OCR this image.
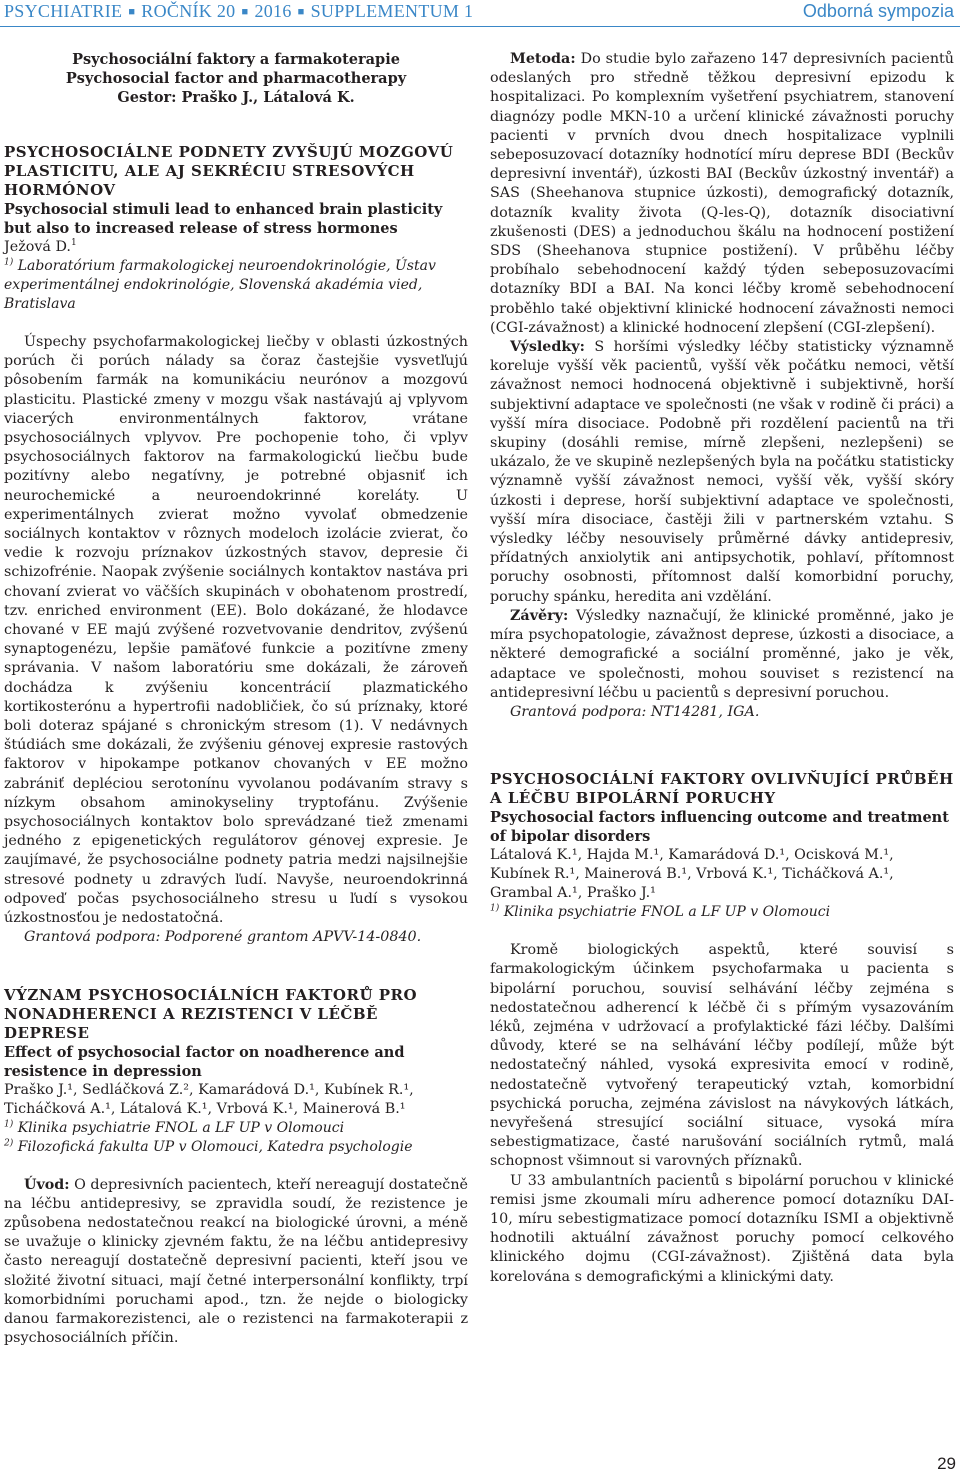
PSYCHIATRIE ■ ROČNÍK 20 ■ 2016 ■ SUPPLEMENTUM 1	Odborná sympozia

Psychosociální faktory a farmakoterapie

Psychosocial factor and pharmacotherapy

Gestor: Praško J., Látalová K.

PSYCHOSOCIÁLNE PODNETY ZVYŠUJÚ MOZGOVÚ PLASTICITU, ALE AJ SEKRÉCIU STRESOVÝCH HORMÓNOV

Psychosocial stimuli lead to enhanced brain plasticity but also to increased release of stress hormones

Ježová D.$^1$

$^{1)}$ Laboratórium farmakologickej neuroendokrinológie, Ústav experimentálnej endokrinológie, Slovenská akadémia vied, Bratislava

Úspechy psychofarmakologickej liečby v oblasti úzkostných porúch či porúch nálady sa čoraz častejšie vysvetľujú pôsobením farmák na komunikáciu neurónov a mozgovú plasticitu. Plastické zmeny v mozgu však nastávajú aj vplyvom viacerých environmentálnych faktorov, vrátane psychosociálnych vplyvov. Pre pochopenie toho, či vplyv psychosociálnych faktorov na farmakologickú liečbu bude pozitívny alebo negatívny, je potrebné objasniť ich neurochemické a neuroendokrinné koreláty. U experimentálnych zvierat možno vyvolať obmedzenie sociálnych kontaktov v rôznych modeloch izolácie zvierat, čo vedie k rozvoju príznakov úzkostných stavov, depresie či schizofrénie. Naopak zvýšenie sociálnych kontaktov nastáva pri chovaní zvierat vo väčších skupinách v obohatenom prostredí, tzv. enriched environment (EE). Bolo dokázané, že hlodavce chované v EE majú zvýšené rozvetvovanie dendritov, zvýšenú synaptogenézu, lepšie pamäťové funkcie a pozitívne zmeny správania. V našom laboratóriu sme dokázali, že zároveň dochádza k zvýšeniu koncentrácií plazmatického kortikosterónu a hypertrofii nadobličiek, čo sú príznaky, ktoré boli doteraz spájané s chronickým stresom (1). V nedávnych štúdiách sme dokázali, že zvýšeniu génovej expresie rastových faktorov v hipokampe potkanov chovaných v EE možno zabrániť depléciou serotonínu vyvolanou podávaním stravy s nízkym obsahom aminokyseliny tryptofánu. Zvýšenie psychosociálnych kontaktov bolo sprevádzané tiež zmenami jedného z epigenetických regulátorov génovej expresie. Je zaujímavé, že psychosociálne podnety patria medzi najsilnejšie stresové podnety u zdravých ľudí. Navyše, neuroendokrinná odpoveď počas psychosociálneho stresu u ľudí s vysokou úzkostnosťou je nedostatočná.

Grantová podpora: Podporené grantom APVV-14-0840.

VÝZNAM PSYCHOSOCIÁLNÍCH FAKTORŮ PRO NONADHERENCI A REZISTENCI V LÉČBĚ DEPRESE

Effect of psychosocial factor on noadherence and resistence in depression

Praško J.¹, Sedláčková Z.², Kamarádová D.¹, Kubínek R.¹, Ticháčková A.¹, Látalová K.¹, Vrbová K.¹, Mainerová B.¹

$^{1)}$ Klinika psychiatrie FNOL a LF UP v Olomouci

$^{2)}$ Filozofická fakulta UP v Olomouci, Katedra psychologie

Úvod: O depresivních pacientech, kteří nereagují dostatečně na léčbu antidepresivy, se zpravidla soudí, že rezistence je způsobena nedostatečnou reakcí na biologické úrovni, a méně se uvažuje o klinicky zjevném faktu, že na léčbu antidepresivy často nereagují dostatečně depresivní pacienti, kteří jsou ve složité životní situaci, mají četné interpersonální konflikty, trpí komorbidními poruchami apod., tzn. že nejde o biologicky danou farmakorezistenci, ale o rezistenci na farmakoterapii z psychosociálních příčin.

Metoda: Do studie bylo zařazeno 147 depresivních pacientů odeslaných pro středně těžkou depresivní epizodu k hospitalizaci. Po komplexním vyšetření psychiatrem, stanovení diagnózy podle MKN-10 a určení klinické závažnosti poruchy pacienti v prvních dvou dnech hospitalizace vyplnili sebeposuzovací dotazníky hodnotící míru deprese BDI (Beckův depresivní inventář), úzkosti BAI (Beckův úzkostný inventář) a SAS (Sheehanova stupnice úzkosti), demografický dotazník, dotazník kvality života (Q-les-Q), dotazník disociativní zkušenosti (DES) a jednoduchou škálu na hodnocení postižení SDS (Sheehanova stupnice postižení). V průběhu léčby probíhalo sebehodnocení každý týden sebeposuzovacími dotazníky BDI a BAI. Na konci léčby kromě sebehodnocení proběhlo také objektivní klinické hodnocení závažnosti nemoci (CGI-závažnost) a klinické hodnocení zlepšení (CGI-zlepšení).

Výsledky: S horšími výsledky léčby statisticky významně koreluje vyšší věk pacientů, vyšší věk počátku nemoci, větší závažnost nemoci hodnocená objektivně i subjektivně, horší subjektivní adaptace ve společnosti (ne však v rodině či práci) a vyšší míra disociace. Podobně při rozdělení pacientů na tři skupiny (dosáhli remise, mírně zlepšeni, nezlepšeni) se ukázalo, že ve skupině nezlepšených byla na počátku statisticky významně vyšší závažnost nemoci, vyšší věk, vyšší skóry úzkosti i deprese, horší subjektivní adaptace ve společnosti, vyšší míra disociace, častěji žili v partnerském vztahu. S výsledky léčby nesouvisely průměrné dávky antidepresiv, přídatných anxiolytik ani antipsychotik, pohlaví, přítomnost poruchy osobnosti, přítomnost další komorbidní poruchy, poruchy spánku, heredita ani vzdělání.

Závěry: Výsledky naznačují, že klinické proměnné, jako je míra psychopatologie, závažnost deprese, úzkosti a disociace, a některé demografické a sociální proměnné, jako je věk, adaptace ve společnosti, mohou souviset s rezistencí na antidepresivní léčbu u pacientů s depresivní poruchou.

Grantová podpora: NT14281, IGA.

PSYCHOSOCIÁLNÍ FAKTORY OVLIVŇUJÍCÍ PRŮBĚH A LÉČBU BIPOLÁRNÍ PORUCHY

Psychosocial factors influencing outcome and treatment of bipolar disorders

Látalová K.¹, Hajda M.¹, Kamarádová D.¹, Ocisková M.¹, Kubínek R.¹, Mainerová B.¹, Vrbová K.¹, Ticháčková A.¹, Grambal A.¹, Praško J.¹

$^{1)}$ Klinika psychiatrie FNOL a LF UP v Olomouci

Kromě biologických aspektů, které souvisí s farmakologickým účinkem psychofarmaka u pacienta s bipolární poruchou, souvisí selhávání léčby zejména s nedostatečnou adherencí k léčbě či s přímým vysazováním léků, zejména v udržovací a profylaktické fázi léčby. Dalšími důvody, které se na selhávání léčby podílejí, může být nedostatečný náhled, vysoká expresivita emocí v rodině, nedostatečně vytvořený terapeutický vztah, komorbidní psychická porucha, zejména závislost na návykových látkách, nevyřešená stresující sociální situace, vysoká míra sebestigmatizace, časté narušování sociálních rytmů, malá schopnost všimnout si varovných příznaků.

U 33 ambulantních pacientů s bipolární poruchou v klinické remisi jsme zkoumali míru adherence pomocí dotazníku DAI-10, míru sebestigmatizace pomocí dotazníku ISMI a objektivně hodnotili aktuální závažnost poruchy pomocí celkového klinického dojmu (CGI-závažnost). Zjištěná data byla korelována s demografickými a klinickými daty.

29
